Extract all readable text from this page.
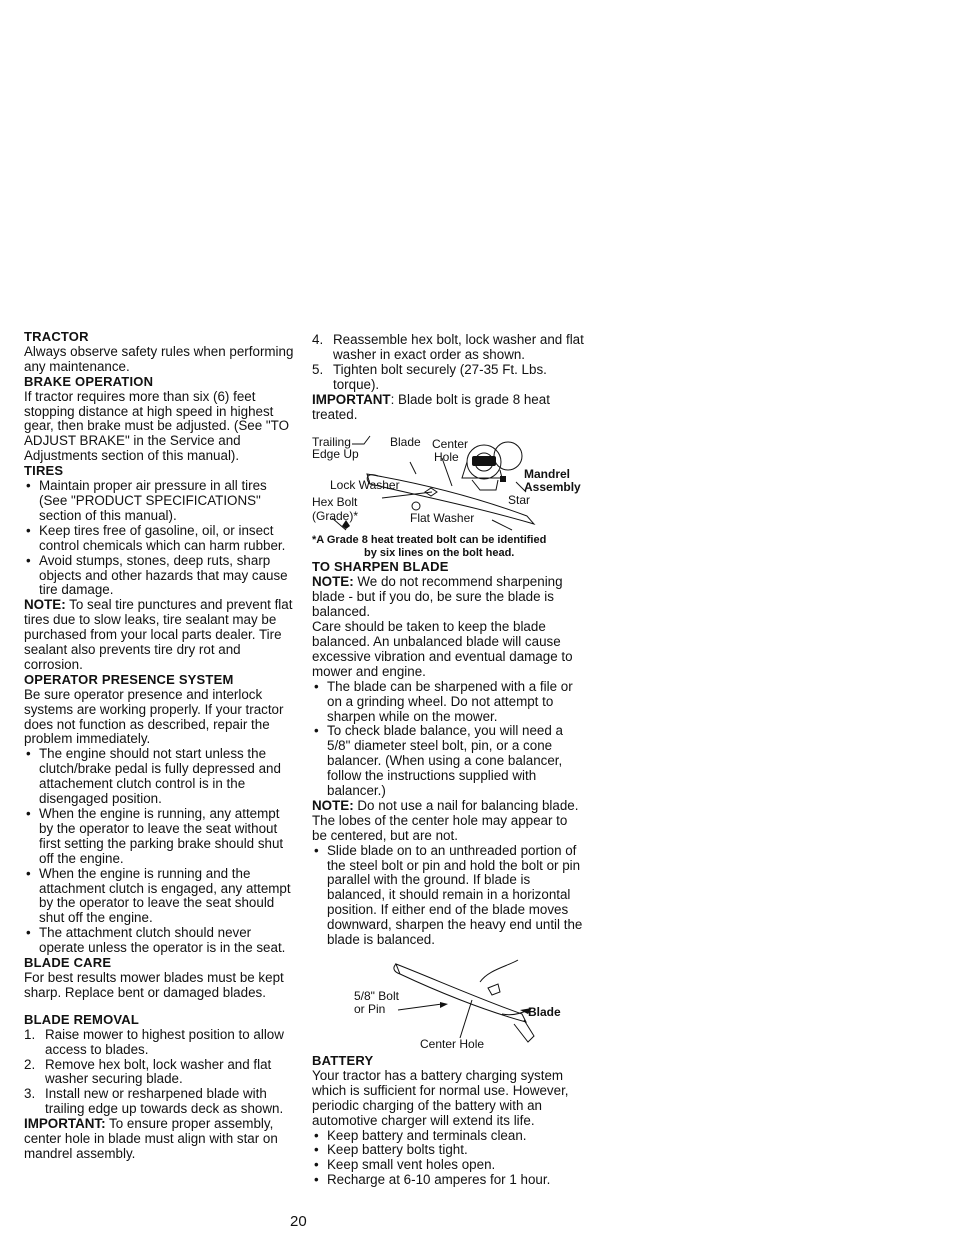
TRACTOR

Always observe safety rules when performing any maintenance.

BRAKE OPERATION

If tractor requires more than six (6) feet stopping distance at high speed in highest gear, then brake must be adjusted. (See "TO ADJUST BRAKE" in the Service and Adjustments section of this manual).

TIRES
• Maintain proper air pressure in all tires (See "PRODUCT SPECIFICATIONS" section of this manual).
• Keep tires free of gasoline, oil, or insect control chemicals which can harm rubber.
• Avoid stumps, stones, deep ruts, sharp objects and other hazards that may cause tire damage.

NOTE: To seal tire punctures and prevent flat tires due to slow leaks, tire sealant may be purchased from your local parts dealer. Tire sealant also prevents tire dry rot and corrosion.

OPERATOR PRESENCE SYSTEM

Be sure operator presence and interlock systems are working properly. If your tractor does not function as described, repair the problem immediately.

• The engine should not start unless the clutch/brake pedal is fully depressed and attachement clutch control is in the disengaged position.
• When the engine is running, any attempt by the operator to leave the seat without first setting the parking brake should shut off the engine.
• When the engine is running and the attachment clutch is engaged, any attempt by the operator to leave the seat should shut off the engine.
• The attachment clutch should never operate unless the operator is in the seat.
BLADE CARE

For best results mower blades must be kept sharp. Replace bent or damaged blades.

BLADE REMOVAL
1. Raise mower to highest position to allow access to blades.
2. Remove hex bolt, lock washer and flat washer securing blade.
3. Install new or resharpened blade with trailing edge up towards deck as shown.

IMPORTANT: To ensure proper assembly, center hole in blade must align with star on mandrel assembly.

4. Reassemble hex bolt, lock washer and flat washer in exact order as shown.
5. Tighten bolt securely (27-35 Ft. Lbs. torque).

IMPORTANT: Blade bolt is grade 8 heat treated.

Trailing
Edge Up
Blade Center
Hole
Mandrel
Assembly
Lock Washer
Hex Bolt
(Grade)*
Star
Flat Washer
*A Grade 8 heat treated bolt can be identified
by six lines on the bolt head.
TO SHARPEN BLADE

NOTE: We do not recommend sharpening blade - but if you do, be sure the blade is balanced.

Care should be taken to keep the blade balanced. An unbalanced blade will cause excessive vibration and eventual damage to mower and engine.

• The blade can be sharpened with a file or on a grinding wheel. Do not attempt to sharpen while on the mower.
• To check blade balance, you will need a 5/8" diameter steel bolt, pin, or a cone balancer. (When using a cone balancer, follow the instructions supplied with balancer.)

NOTE: Do not use a nail for balancing blade. The lobes of the center hole may appear to be centered, but are not.

• Slide blade on to an unthreaded portion of the steel bolt or pin and hold the bolt or pin parallel with the ground. If blade is balanced, it should remain in a horizontal position. If either end of the blade moves downward, sharpen the heavy end until the blade is balanced.
5/8" Bolt
or Pin	Blade
Center Hole
BATTERY

Your tractor has a battery charging system which is sufficient for normal use. However, periodic charging of the battery with an automotive charger will extend its life.

• Keep battery and terminals clean.
• Keep battery bolts tight.
• Keep small vent holes open.
• Recharge at 6-10 amperes for 1 hour.
20
